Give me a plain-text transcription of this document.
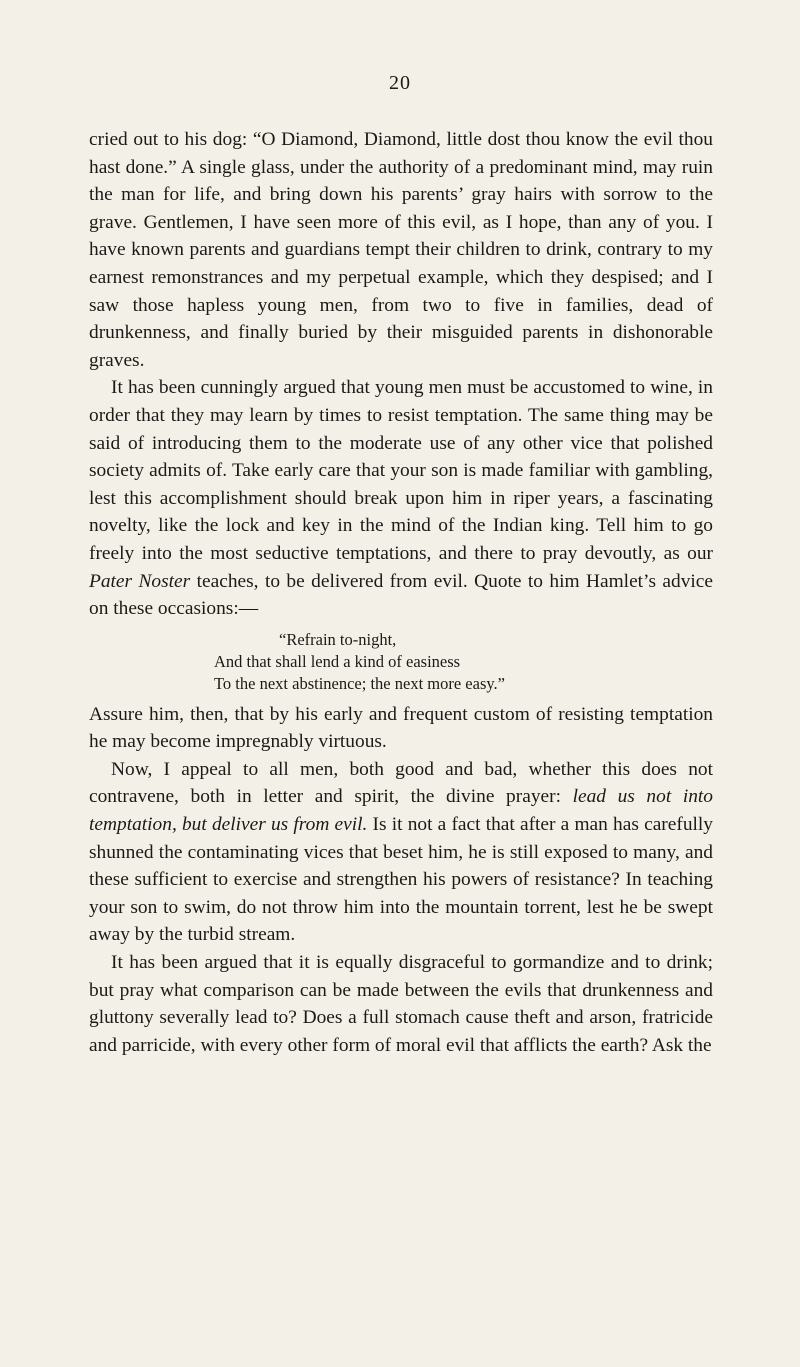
20

cried out to his dog: “O Diamond, Diamond, little dost thou know the evil thou hast done.” A single glass, under the authority of a predominant mind, may ruin the man for life, and bring down his parents’ gray hairs with sorrow to the grave. Gentlemen, I have seen more of this evil, as I hope, than any of you. I have known parents and guardians tempt their children to drink, contrary to my earnest remonstrances and my perpetual example, which they despised; and I saw those hapless young men, from two to five in families, dead of drunkenness, and finally buried by their misguided parents in dishonorable graves.

It has been cunningly argued that young men must be accustomed to wine, in order that they may learn by times to resist temptation. The same thing may be said of introducing them to the moderate use of any other vice that polished society admits of. Take early care that your son is made familiar with gambling, lest this accomplishment should break upon him in riper years, a fascinating novelty, like the lock and key in the mind of the Indian king. Tell him to go freely into the most seductive temptations, and there to pray devoutly, as our Pater Noster teaches, to be delivered from evil. Quote to him Hamlet’s advice on these occasions:—

“Refrain to-night,
And that shall lend a kind of easiness
To the next abstinence; the next more easy.”

Assure him, then, that by his early and frequent custom of resisting temptation he may become impregnably virtuous.

Now, I appeal to all men, both good and bad, whether this does not contravene, both in letter and spirit, the divine prayer: lead us not into temptation, but deliver us from evil. Is it not a fact that after a man has carefully shunned the contaminating vices that beset him, he is still exposed to many, and these sufficient to exercise and strengthen his powers of resistance? In teaching your son to swim, do not throw him into the mountain torrent, lest he be swept away by the turbid stream.

It has been argued that it is equally disgraceful to gormandize and to drink; but pray what comparison can be made between the evils that drunkenness and gluttony severally lead to? Does a full stomach cause theft and arson, fratricide and parricide, with every other form of moral evil that afflicts the earth? Ask the
